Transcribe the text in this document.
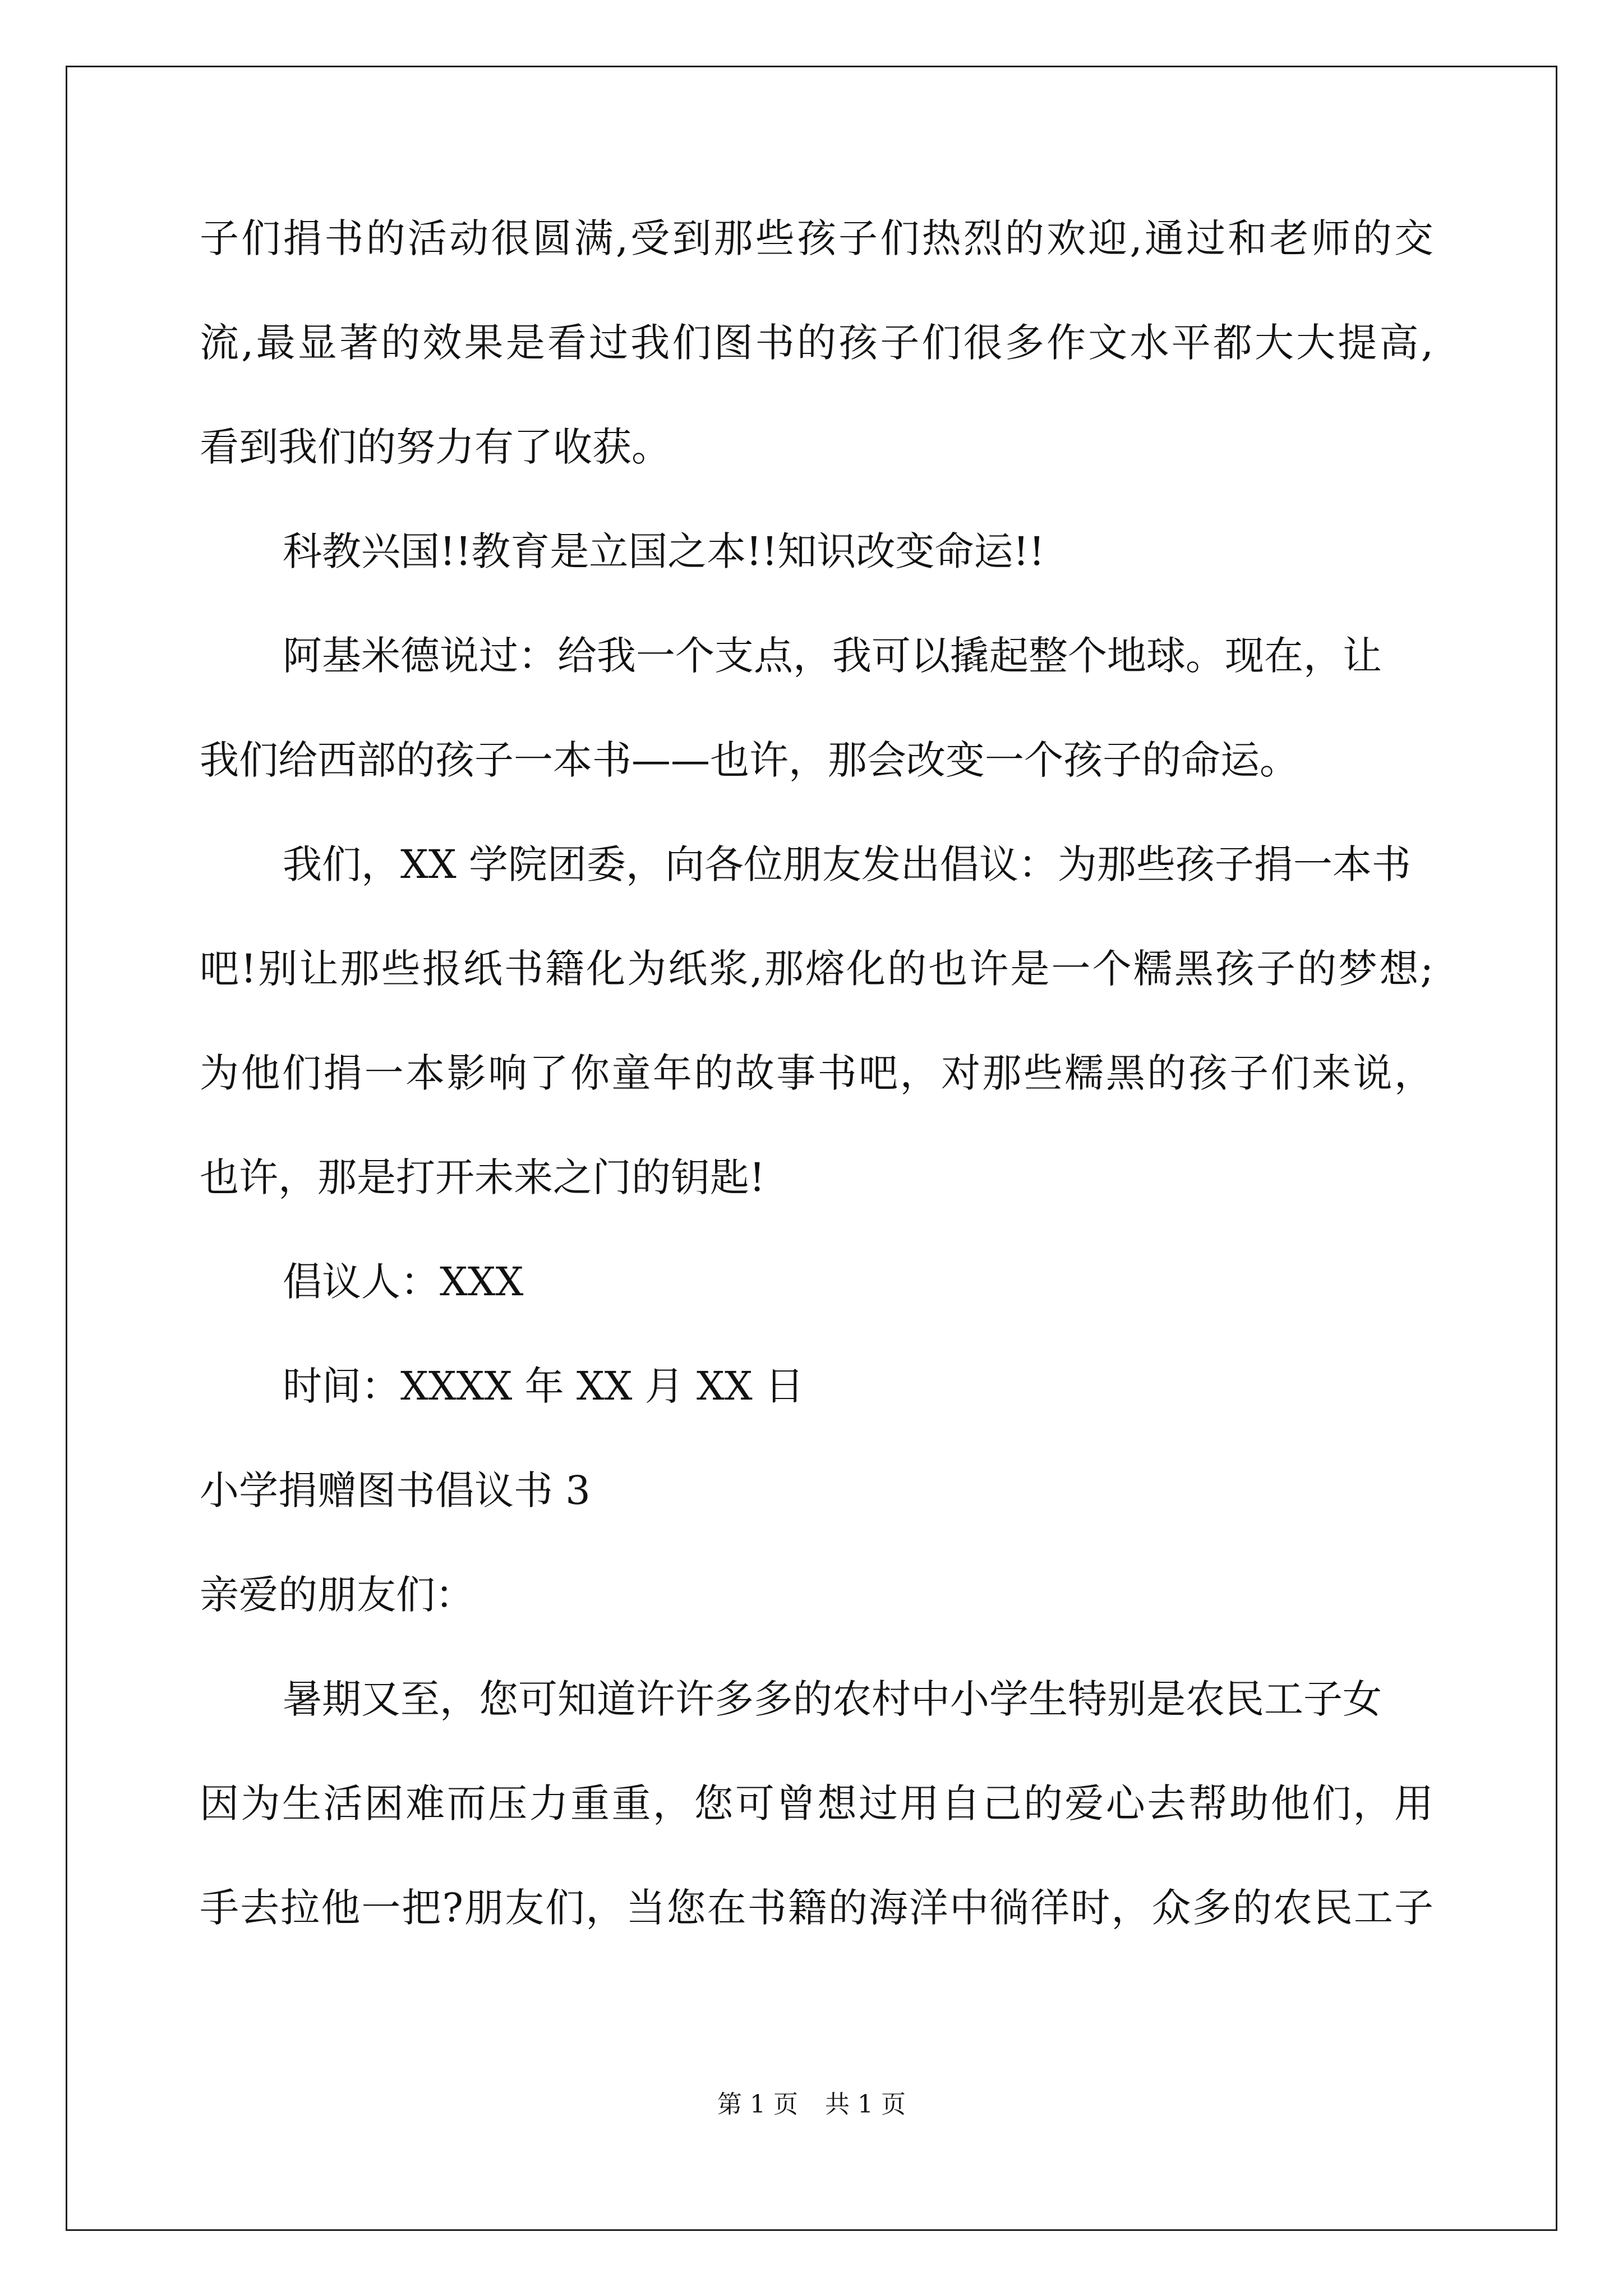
子们捐书的活动很圆满,受到那些孩子们热烈的欢迎,通过和老师的交
流,最显著的效果是看过我们图书的孩子们很多作文水平都大大提高,
看到我们的努力有了收获。
科教兴国!!教育是立国之本!!知识改变命运!!
阿基米德说过：给我一个支点，我可以撬起整个地球。现在，让
我们给西部的孩子一本书——也许，那会改变一个孩子的命运。
我们，XX 学院团委，向各位朋友发出倡议：为那些孩子捐一本书
吧!别让那些报纸书籍化为纸浆,那熔化的也许是一个糯黑孩子的梦想;
为他们捐一本影响了你童年的故事书吧，对那些糯黑的孩子们来说，
也许，那是打开未来之门的钥匙!
倡议人：XXX
时间：XXXX 年 XX 月 XX 日
小学捐赠图书倡议书 3
亲爱的朋友们：
暑期又至，您可知道许许多多的农村中小学生特别是农民工子女
因为生活困难而压力重重，您可曾想过用自己的爱心去帮助他们，用
手去拉他一把?朋友们，当您在书籍的海洋中徜徉时，众多的农民工子
第 1 页 共 1 页
